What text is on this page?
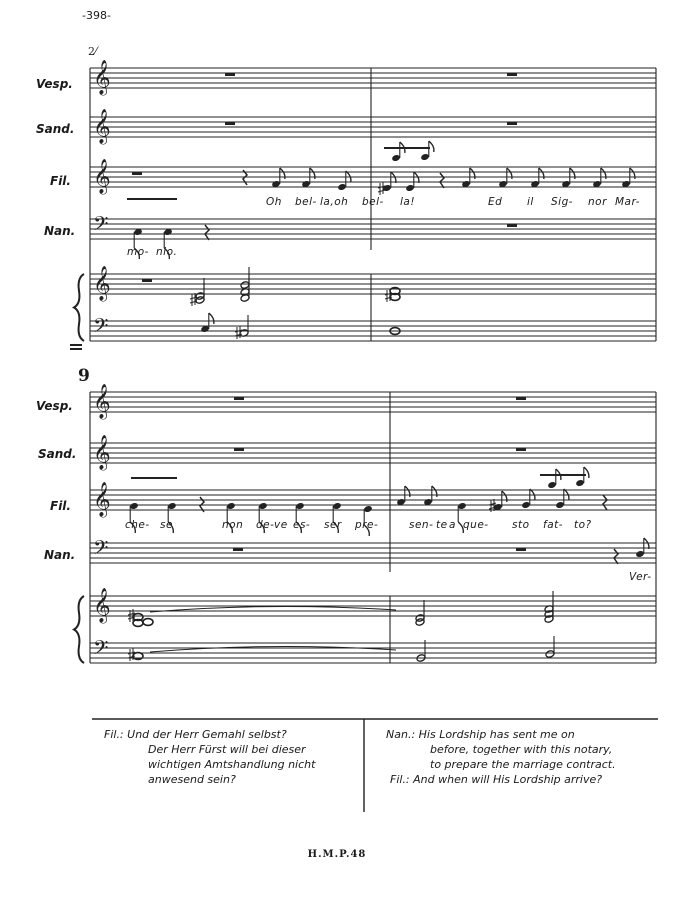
𝄞
𝄞
𝄞
𝄢
𝄞
𝄢
2⁄
𝄞
𝄞
𝄞
𝄢
𝄞
𝄢
-398-
9
Vesp.
Sand.
Fil.
Nan.
Vesp.
Sand.
Fil.
Nan.
Oh bel- la,oh bel- la!	Ed il Sig- nor Mar-
mo- nio.
che- se	non de- ve es- ser pre-	sen- te a que- sto fat- to?
Ver-
Fil.: Und der Herr Gemahl selbst?
Der Herr Fürst will bei dieser
wichtigen Amtshandlung nicht
anwesend sein?
Nan.: His Lordship has sent me on
before, together with this notary,
to prepare the marriage contract.
Fil.: And when will His Lordship arrive?
H.M.P.48
